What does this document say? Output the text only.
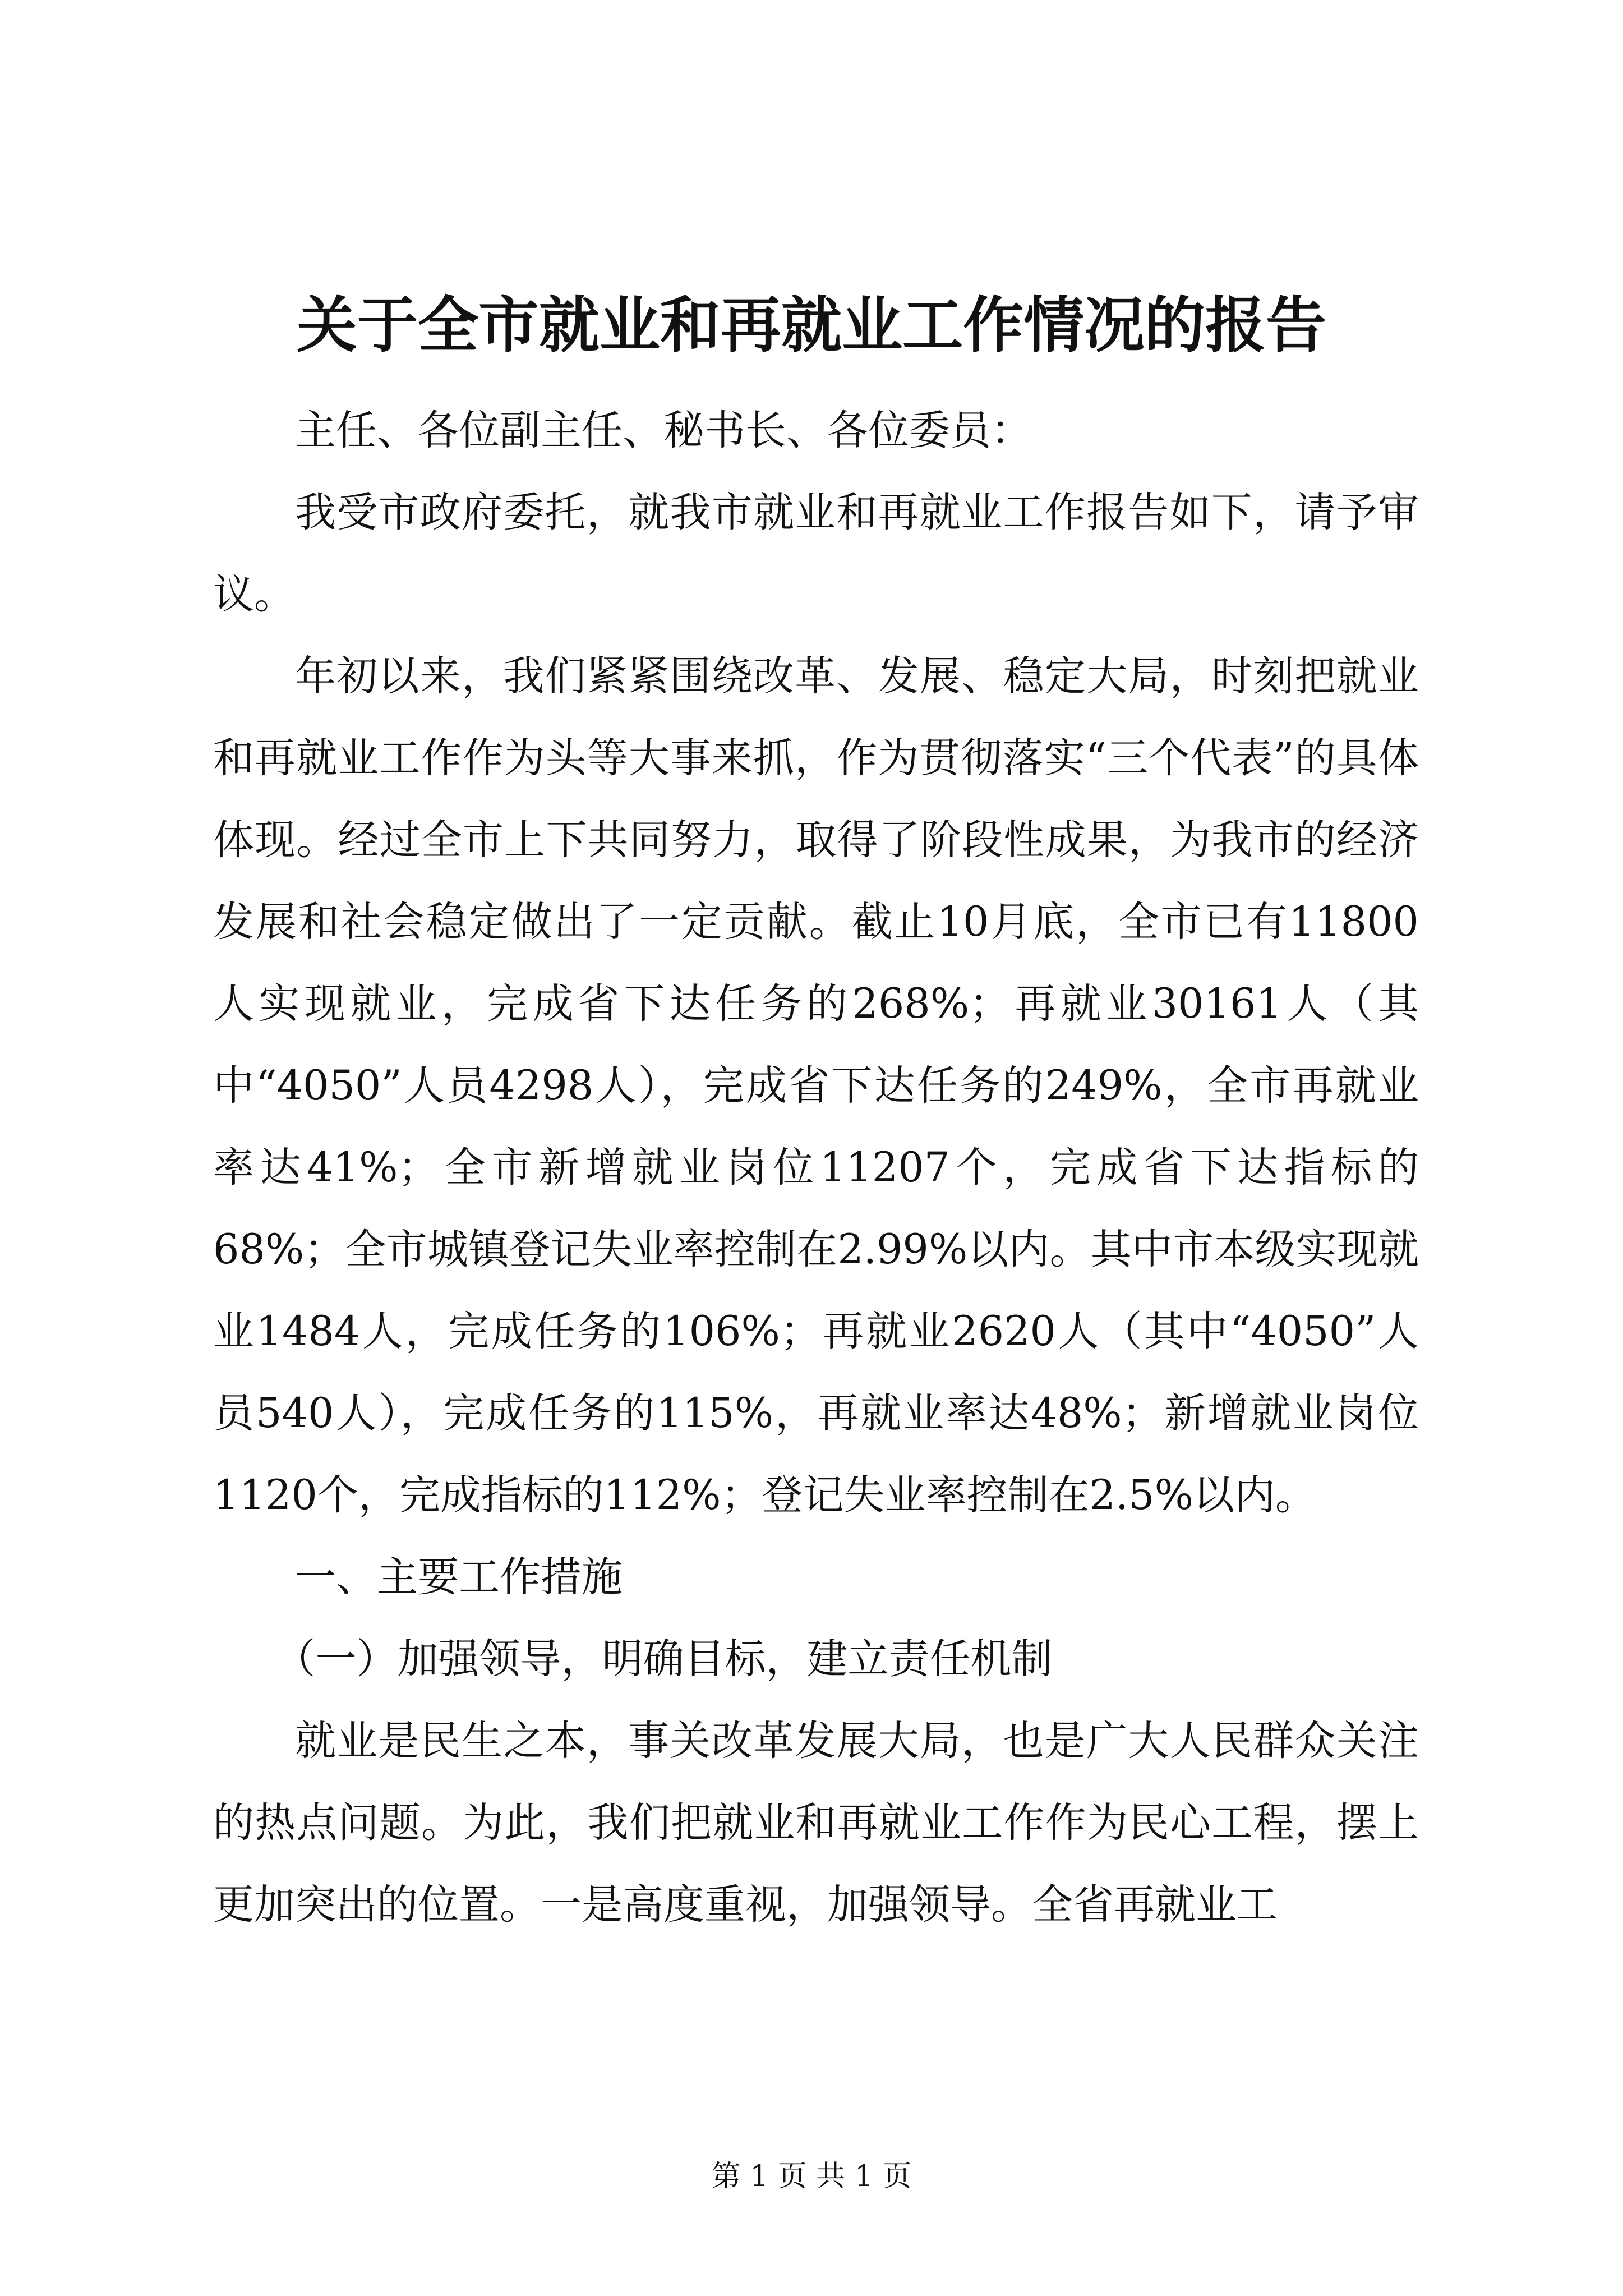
关于全市就业和再就业工作情况的报告

主任、各位副主任、秘书长、各位委员：

我受市政府委托，就我市就业和再就业工作报告如下，请予审议。

年初以来，我们紧紧围绕改革、发展、稳定大局，时刻把就业和再就业工作作为头等大事来抓，作为贯彻落实“三个代表”的具体体现。经过全市上下共同努力，取得了阶段性成果，为我市的经济发展和社会稳定做出了一定贡献。截止10月底，全市已有11800人实现就业，完成省下达任务的268%；再就业30161人（其中“4050”人员4298人），完成省下达任务的249%，全市再就业率达41%；全市新增就业岗位11207个，完成省下达指标的68%；全市城镇登记失业率控制在2.99%以内。其中市本级实现就业1484人，完成任务的106%；再就业2620人（其中“4050”人员540人），完成任务的115%，再就业率达48%；新增就业岗位1120个，完成指标的112%；登记失业率控制在2.5%以内。

一、主要工作措施

（一）加强领导，明确目标，建立责任机制

就业是民生之本，事关改革发展大局，也是广大人民群众关注的热点问题。为此，我们把就业和再就业工作作为民心工程，摆上更加突出的位置。一是高度重视，加强领导。全省再就业工

第 1 页 共 1 页
